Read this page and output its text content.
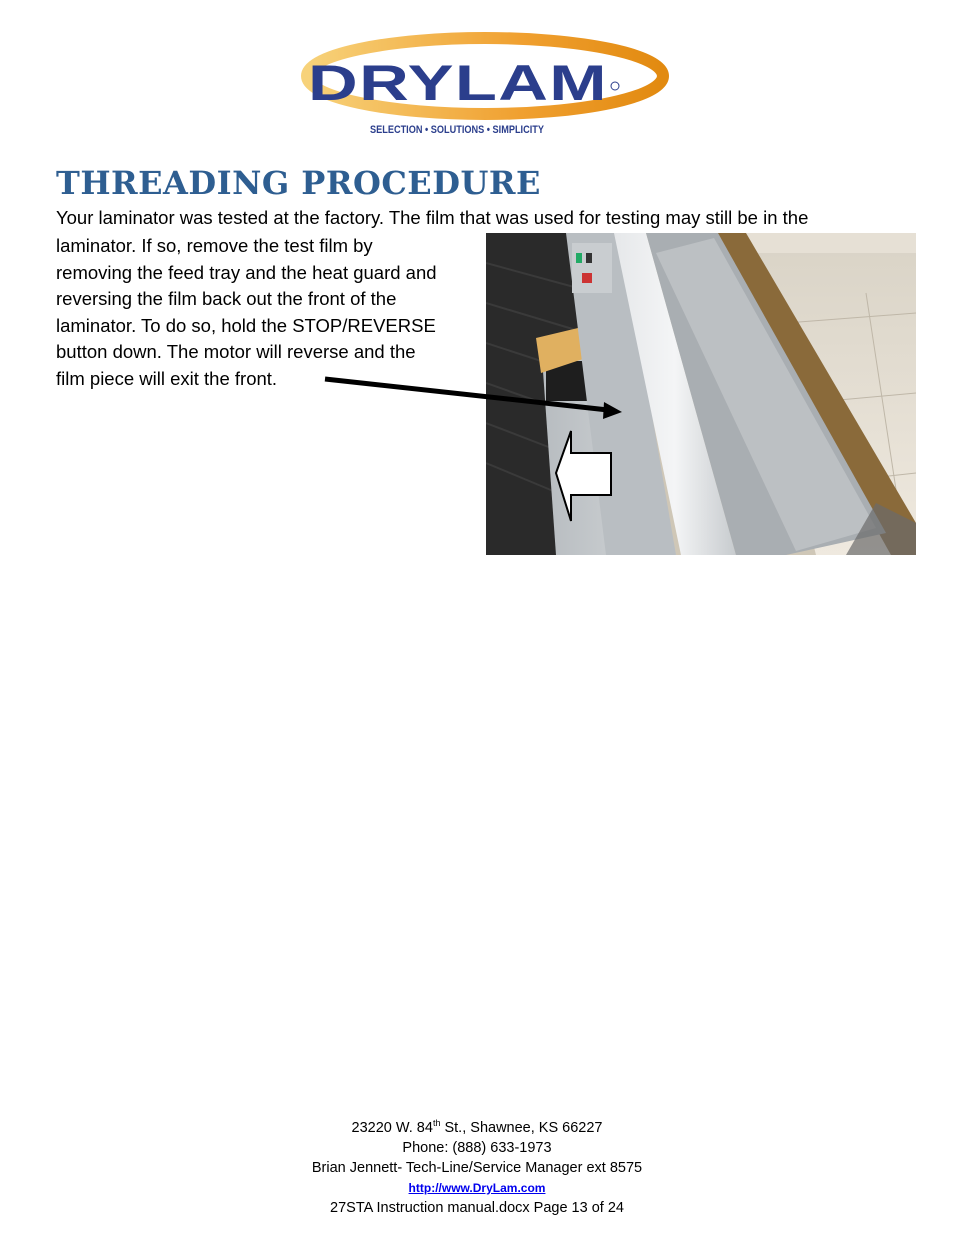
DRYLAM
SELECTION • SOLUTIONS • SIMPLICITY
THREADING PROCEDURE
Your laminator was tested at the factory. The film that was used for testing may still be in the
laminator. If so, remove the test film by
removing the feed tray and the heat guard and
reversing the film back out the front of the
laminator. To do so, hold the STOP/REVERSE
button down. The motor will reverse and the
film piece will exit the front.
23220 W. 84th St., Shawnee, KS 66227
Phone: (888) 633-1973
Brian Jennett- Tech-Line/Service Manager ext 8575
http://www.DryLam.com
27STA Instruction manual.docx Page 13 of 24
